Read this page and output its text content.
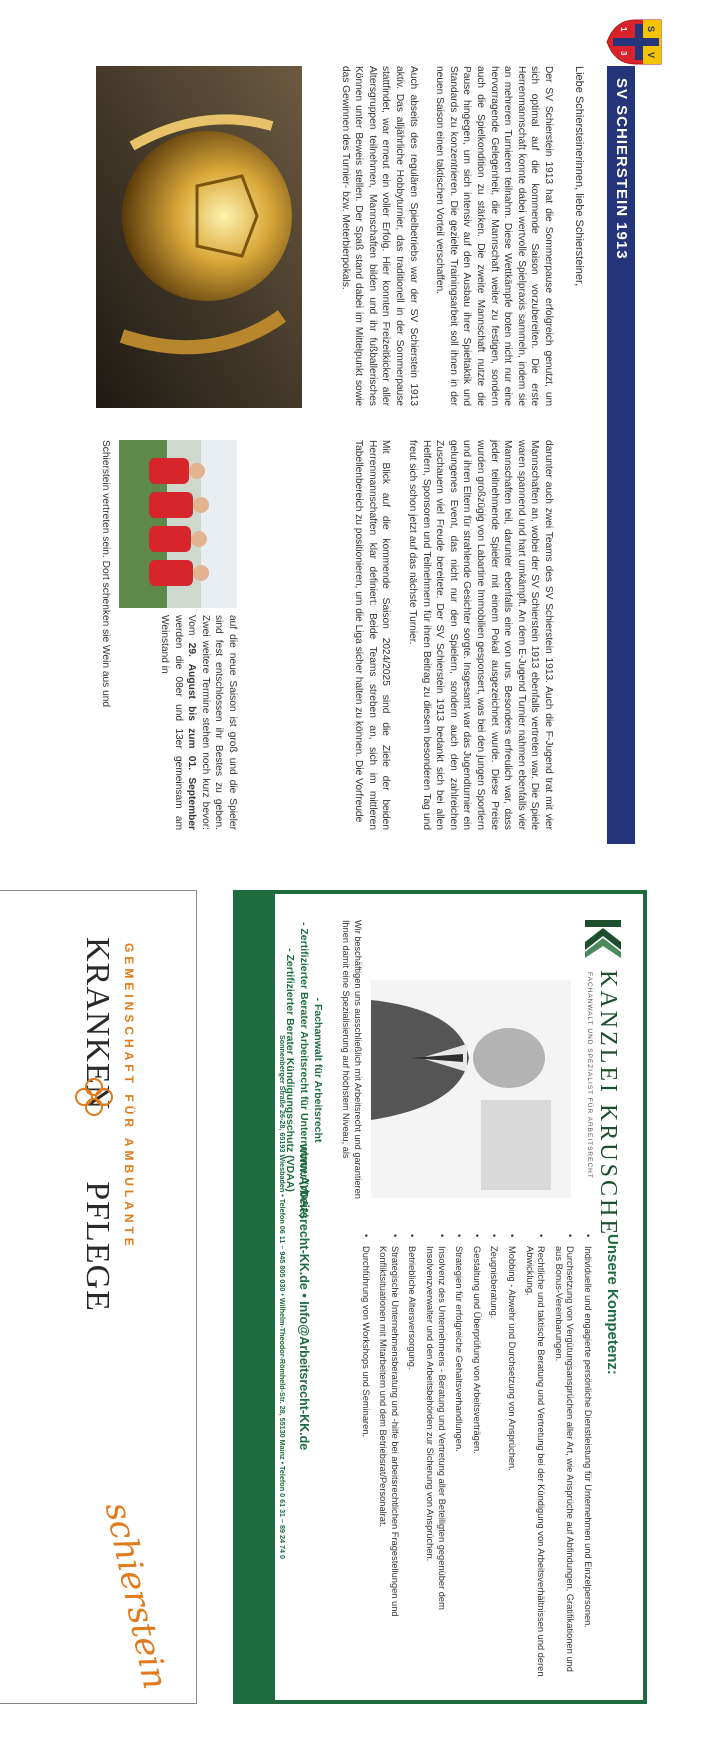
S
V
1
3
SV SCHIERSTEIN 1913
Liebe Schiersteinerinnen, liebe Schiersteiner,

Der SV Schierstein 1913 hat die Sommerpause erfolgreich genutzt, um sich optimal auf die kommende Saison vorzubereiten. Die erste Herrenmannschaft konnte dabei wertvolle Spielpraxis sammeln, indem sie an mehreren Turnieren teilnahm. Diese Wettkämpfe boten nicht nur eine hervorragende Gelegenheit, die Mannschaft weiter zu festigen, sondern auch die Spielkondition zu stärken. Die zweite Mannschaft nutzte die Pause hingegen, um sich intensiv auf den Ausbau ihrer Spieltaktik und Standards zu konzentrieren. Die gezielte Trainingsarbeit soll ihnen in der neuen Saison einen taktischen Vorteil verschaffen.

Auch abseits des regulären Spielbetriebs war der SV Schierstein 1913 aktiv. Das alljährliche Hobbyturnier, das traditionell in der Sommerpause stattfindet, war erneut ein voller Erfolg. Hier konnten Freizeitkicker aller Altersgruppen teilnehmen, Mannschaften bilden und ihr fußballerisches Können unter Beweis stellen. Der Spaß stand dabei im Mittelpunkt sowie das Gewinnen des Turnier- bzw. Meterbierpokals.

darunter auch zwei Teams des SV Schierstein 1913. Auch die F-Jugend trat mit vier Mannschaften an, wobei der SV Schierstein 1913 ebenfalls vertreten war. Die Spiele waren spannend und hart umkämpft. An dem E-Jugend Turnier nahmen ebenfalls vier Mannschaften teil, darunter ebenfalls eine von uns. Besonders erfreulich war, dass jeder teilnehmende Spieler mit einem Pokal ausgezeichnet wurde. Diese Preise wurden großzügig von Labartine Immobilien gesponsert, was bei den jungen Sportlern und ihren Eltern für strahlende Gesichter sorgte. Insgesamt war das Jugendturnier ein gelungenes Event, das nicht nur den Spielern, sondern auch den zahlreichen Zuschauern viel Freude bereitete. Der SV Schierstein 1913 bedankt sich bei allen Helfern, Sponsoren und Teilnehmern für ihren Beitrag zu diesem besonderen Tag und freut sich schon jetzt auf das nächste Turnier.

Mit Blick auf die kommende Saison 2024/2025 sind die Ziele der beiden Herrenmannschaften klar definiert: Beide Teams streben an, sich im mittleren Tabellenbereich zu positionieren, um die Liga sicher halten zu können. Die Vorfreude

auf die neue Saison ist groß und die Spieler sind fest entschlossen ihr Bestes zu geben. Zwei weitere Termine stehen noch kurz bevor: Vom 29. August bis zum 01. September werden die 08er und 13er gemeinsam am Weinstand in
Schierstein vertreten sein. Dort schenken sie Wein aus und
KANZLEI KRUSCHE
FACHANWALT UND SPEZIALIST FÜR ARBEITSRECHT
Wir beschäftigen uns ausschließlich mit Arbeitsrecht und garantieren Ihnen damit eine Spezialisierung auf höchstem Niveau, als
- Fachanwalt für Arbeitsrecht
- Zertifizierter Berater Arbeitsrecht für Unternehmer (VDAA)
- Zertifizierter Berater Kündigungsschutz (VDAA)
Unsere Kompetenz:
• Individuelle und engagierte persönliche Dienstleistung für Unternehmen und Einzelpersonen.
• Durchsetzung von Vergütungsansprüchen aller Art, wie Ansprüche auf Abfindungen, Gratifikationen und aus Bonus-Vereinbarungen.
• Rechtliche und taktische Beratung und Vertretung bei der Kündigung von Arbeitsverhältnissen und deren Abwicklung.
• Mobbing - Abwehr und Durchsetzung von Ansprüchen.
• Zeugnisberatung.
• Gestaltung und Überprüfung von Arbeitsverträgen.
• Strategien für erfolgreiche Gehaltsverhandlungen.
• Insolvenz des Unternehmens - Beratung und Vertretung aller Beteiligten gegenüber dem Insolvenzverwalter und den Arbeitsbehörden zur Sicherung von Ansprüchen.
• Betriebliche Altersversorgung.
• Strategische Unternehmensberatung und -hilfe bei arbeitsrechtlichen Fragestellungen und Konfliktsituationen mit Mitarbeitern und dem Betriebsrat/Personalrat.
• Durchführung von Workshops und Seminaren.
www.Arbeitsrecht-KK.de • Info@Arbeitsrecht-KK.de
Sonnenberger Straße 26-28, 65193 Wiesbaden • Telefon 06 11 – 945 805 030 • Wilhelm-Theodor-Römheld-Str. 28, 55130 Mainz • Telefon 0 61 31 – 89 24 74 0
GEMEINSCHAFT FÜR AMBULANTE
KRANKEN  PFLEGE
schierstein
